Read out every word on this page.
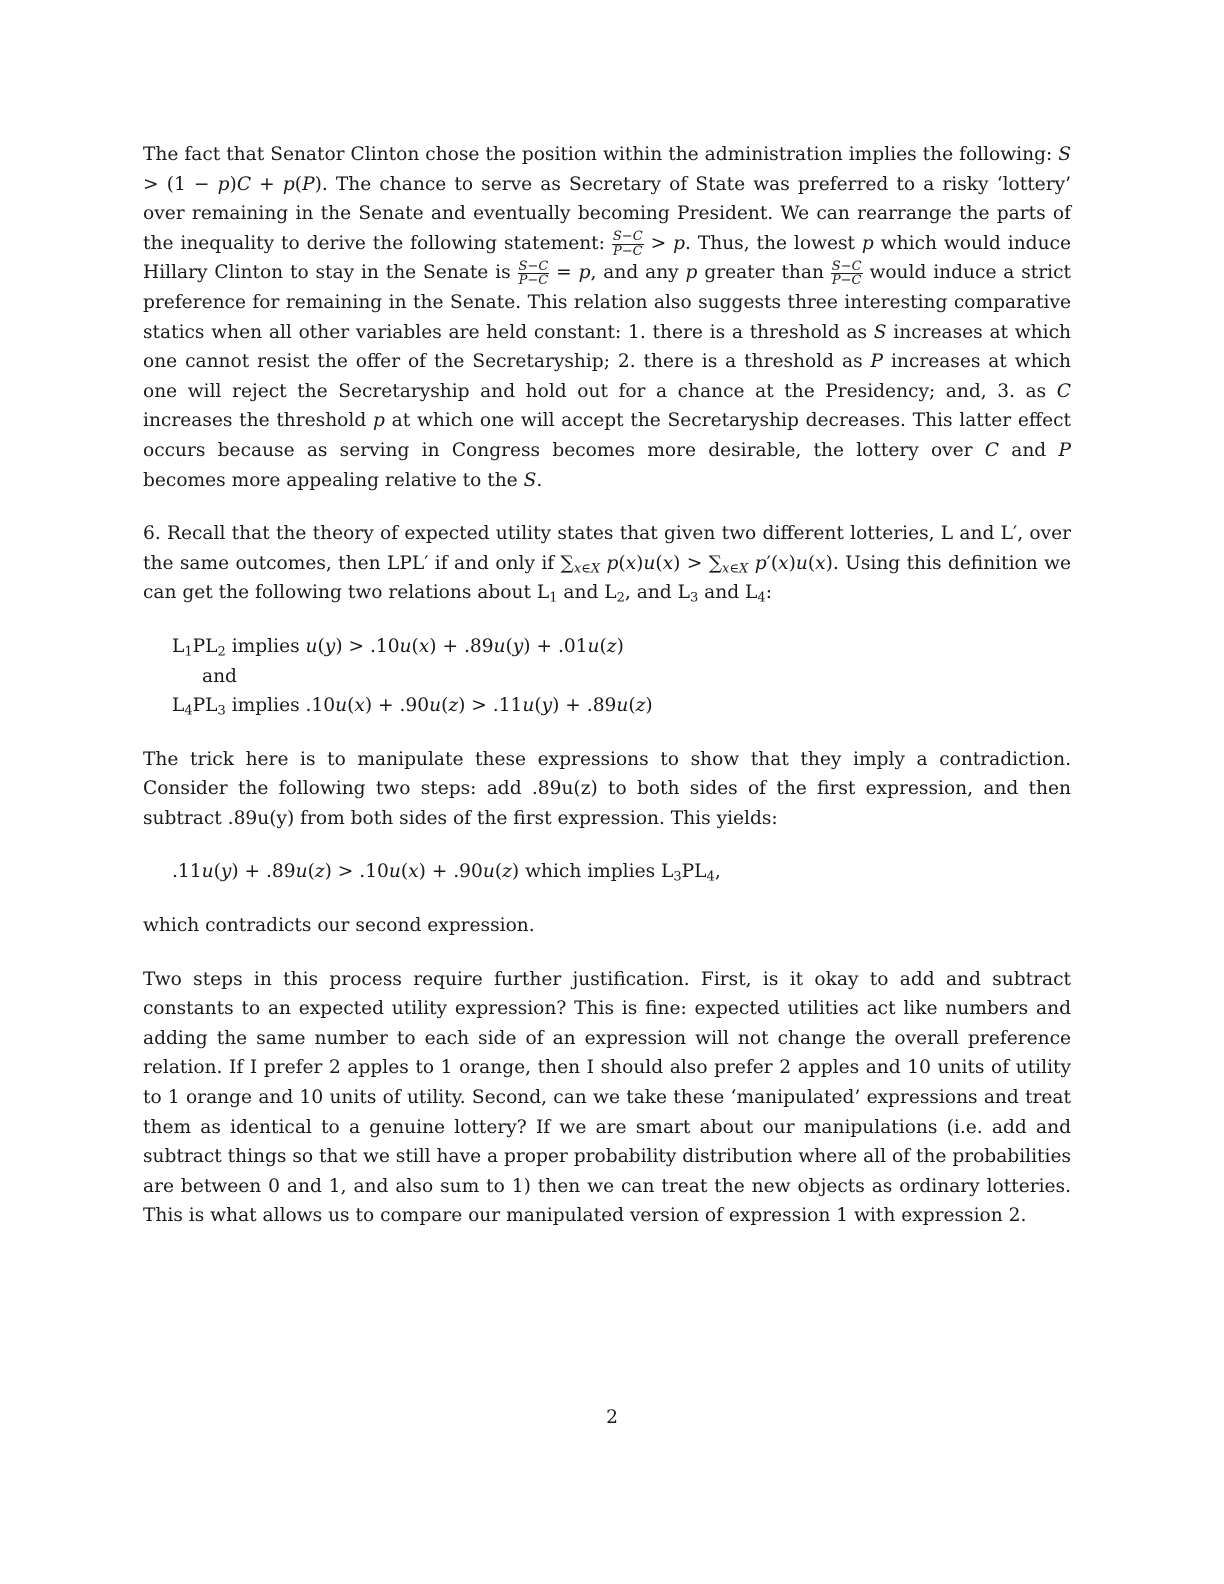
The fact that Senator Clinton chose the position within the administration implies the following: S > (1 − p)C + p(P). The chance to serve as Secretary of State was preferred to a risky ‘lottery’ over remaining in the Senate and eventually becoming President. We can rearrange the parts of the inequality to derive the following statement: $\frac{S-C}{P-C} > p$. Thus, the lowest p which would induce Hillary Clinton to stay in the Senate is $\frac{S-C}{P-C} = p$, and any p greater than $\frac{S-C}{P-C}$ would induce a strict preference for remaining in the Senate. This relation also suggests three interesting comparative statics when all other variables are held constant: 1. there is a threshold as S increases at which one cannot resist the offer of the Secretaryship; 2. there is a threshold as P increases at which one will reject the Secretaryship and hold out for a chance at the Presidency; and, 3. as C increases the threshold p at which one will accept the Secretaryship decreases. This latter effect occurs because as serving in Congress becomes more desirable, the lottery over C and P becomes more appealing relative to the S.

6. Recall that the theory of expected utility states that given two different lotteries, L and L′, over the same outcomes, then LPL′ if and only if $\sum_{x\in X}$ $p(x)u(x) > \sum_{x\in X}$ p′(x)u(x). Using this definition we can get the following two relations about $L_1$ and $L_2$, and $L_3$ and $L_4$:

$L_1PL_2$ implies u(y) > .10u(x) + .89u(y) + .01u(z)

and

$L_4PL_3$ implies .10u(x) + .90u(z) > .11u(y) + .89u(z)

The trick here is to manipulate these expressions to show that they imply a contradiction. Consider the following two steps: add .89u(z) to both sides of the first expression, and then subtract .89u(y) from both sides of the first expression. This yields:

.11u(y) + .89u(z) > .10u(x) + .90u(z) which implies $L_3PL_4$,

which contradicts our second expression.

Two steps in this process require further justification. First, is it okay to add and subtract constants to an expected utility expression? This is fine: expected utilities act like numbers and adding the same number to each side of an expression will not change the overall preference relation. If I prefer 2 apples to 1 orange, then I should also prefer 2 apples and 10 units of utility to 1 orange and 10 units of utility. Second, can we take these ‘manipulated’ expressions and treat them as identical to a genuine lottery? If we are smart about our manipulations (i.e. add and subtract things so that we still have a proper probability distribution where all of the probabilities are between 0 and 1, and also sum to 1) then we can treat the new objects as ordinary lotteries. This is what allows us to compare our manipulated version of expression 1 with expression 2.

2
